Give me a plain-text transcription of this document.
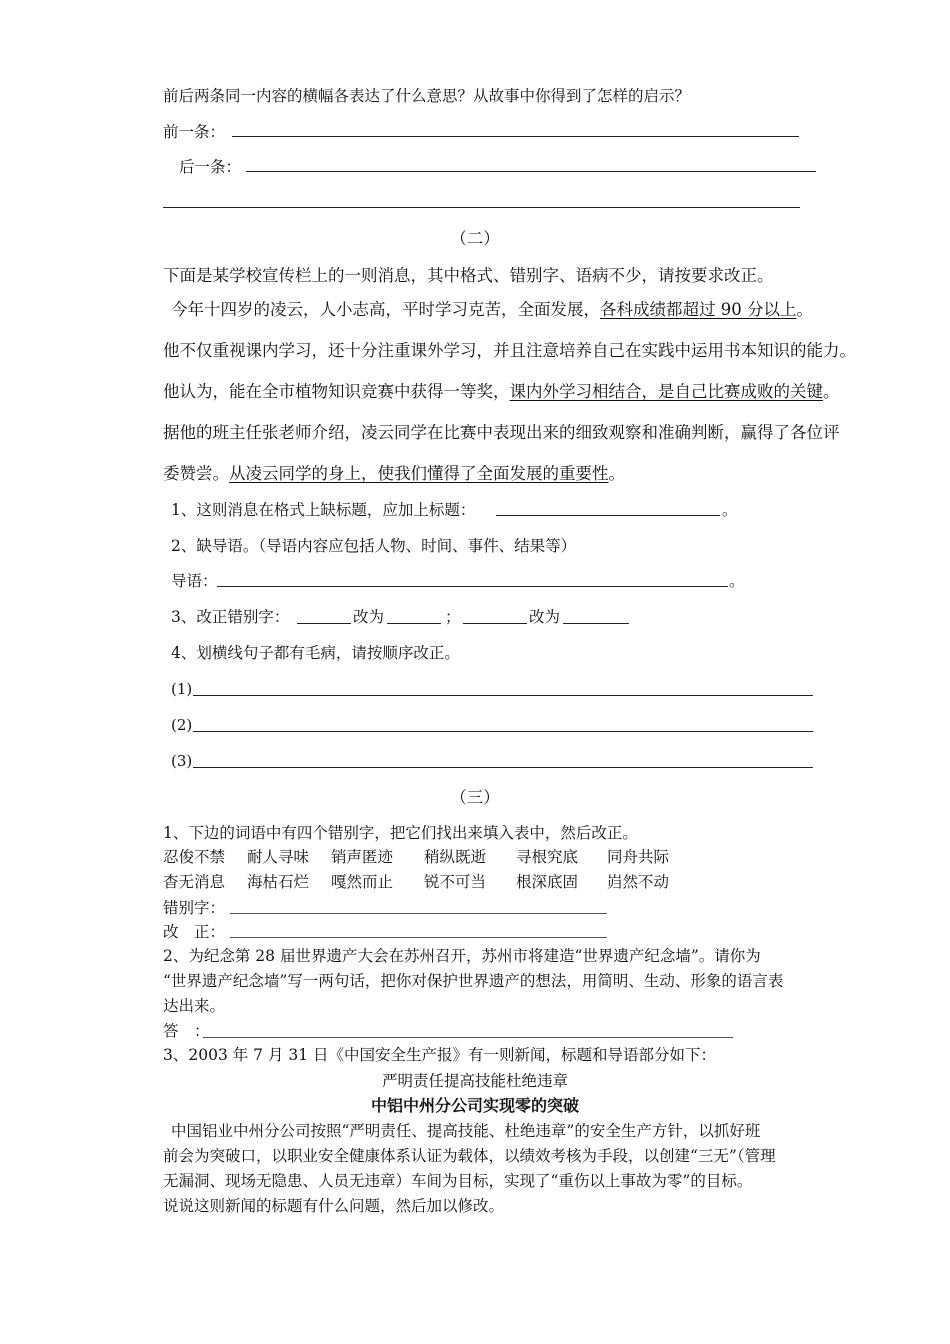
前后两条同一内容的横幅各表达了什么意思？从故事中你得到了怎样的启示？
前一条：
后一条：
（二）
下面是某学校宣传栏上的一则消息，其中格式、错别字、语病不少，请按要求改正。
今年十四岁的凌云，人小志高，平时学习克苦，全面发展，各科成绩都超过 90 分以上。
他不仅重视课内学习，还十分注重课外学习，并且注意培养自己在实践中运用书本知识的能力。
他认为，能在全市植物知识竞赛中获得一等奖，课内外学习相结合，是自己比赛成败的关键。
据他的班主任张老师介绍，凌云同学在比赛中表现出来的细致观察和准确判断，赢得了各位评
委赞尝。从凌云同学的身上，使我们懂得了全面发展的重要性。
1、这则消息在格式上缺标题，应加上标题：	。
2、缺导语。（导语内容应包括人物、时间、事件、结果等）
导语：	。
3、改正错别字：	改为	；	改为
4、划横线句子都有毛病，请按顺序改正。
(1)
(2)
(3)
（三）
1、下边的词语中有四个错别字，把它们找出来填入表中，然后改正。
忍俊不禁 耐人寻味 销声匿迹 稍纵既逝 寻根究底 同舟共际
杳无消息 海枯石烂 嘎然而止 锐不可当 根深底固 岿然不动
错别字：
改　正：
2、为纪念第 28 届世界遗产大会在苏州召开，苏州市将建造“世界遗产纪念墙”。请你为
“世界遗产纪念墙”写一两句话，把你对保护世界遗产的想法，用简明、生动、形象的语言表
达出来。
答　：
3、2003 年 7 月 31 日《中国安全生产报》有一则新闻，标题和导语部分如下：
严明责任提高技能杜绝违章
中铝中州分公司实现零的突破
中国铝业中州分公司按照“严明责任、提高技能、杜绝违章”的安全生产方针，以抓好班
前会为突破口，以职业安全健康体系认证为载体，以绩效考核为手段，以创建“三无”（管理
无漏洞、现场无隐患、人员无违章）车间为目标，实现了“重伤以上事故为零”的目标。
说说这则新闻的标题有什么问题，然后加以修改。
